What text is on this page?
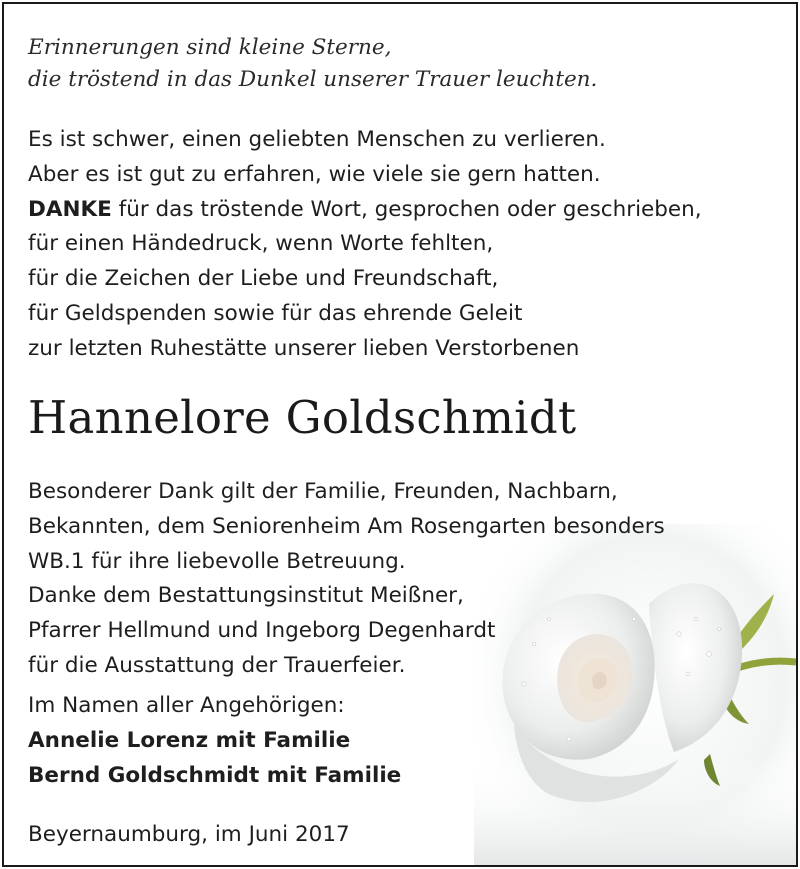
Erinnerungen sind kleine Sterne,
die tröstend in das Dunkel unserer Trauer leuchten.
Es ist schwer, einen geliebten Menschen zu verlieren.
Aber es ist gut zu erfahren, wie viele sie gern hatten.
DANKE für das tröstende Wort, gesprochen oder geschrieben,
für einen Händedruck, wenn Worte fehlten,
für die Zeichen der Liebe und Freundschaft,
für Geldspenden sowie für das ehrende Geleit
zur letzten Ruhestätte unserer lieben Verstorbenen
Hannelore Goldschmidt
Besonderer Dank gilt der Familie, Freunden, Nachbarn,
Bekannten, dem Seniorenheim Am Rosengarten besonders
WB.1 für ihre liebevolle Betreuung.
Danke dem Bestattungsinstitut Meißner,
Pfarrer Hellmund und Ingeborg Degenhardt
für die Ausstattung der Trauerfeier.
Im Namen aller Angehörigen:
Annelie Lorenz mit Familie
Bernd Goldschmidt mit Familie
Beyernaumburg, im Juni 2017
